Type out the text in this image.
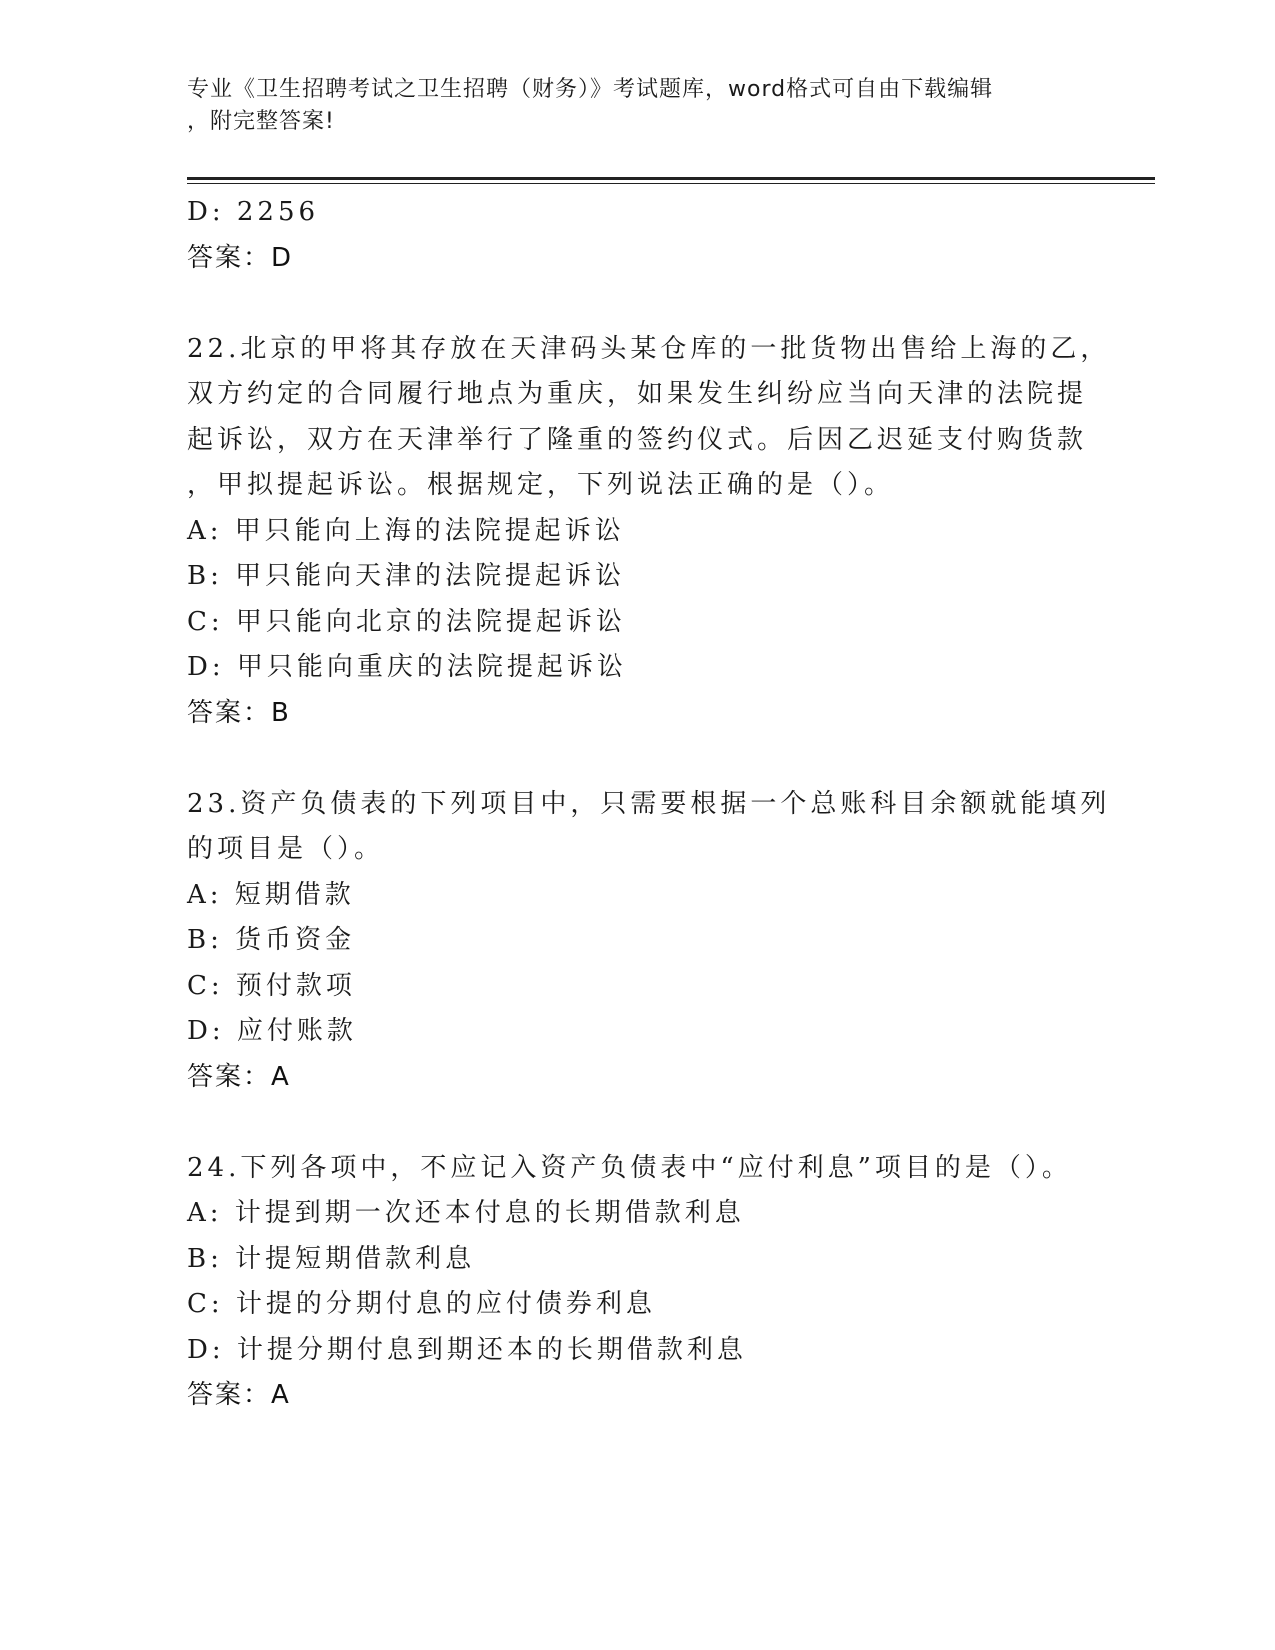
专业《卫生招聘考试之卫生招聘（财务）》考试题库，word格式可自由下载编辑
，附完整答案!
D: 2256
答案：D
22.北京的甲将其存放在天津码头某仓库的一批货物出售给上海的乙，
双方约定的合同履行地点为重庆，如果发生纠纷应当向天津的法院提
起诉讼，双方在天津举行了隆重的签约仪式。后因乙迟延支付购货款
，甲拟提起诉讼。根据规定，下列说法正确的是（）。
A: 甲只能向上海的法院提起诉讼
B: 甲只能向天津的法院提起诉讼
C: 甲只能向北京的法院提起诉讼
D: 甲只能向重庆的法院提起诉讼
答案：B
23.资产负债表的下列项目中，只需要根据一个总账科目余额就能填列
的项目是（）。
A: 短期借款
B: 货币资金
C: 预付款项
D: 应付账款
答案：A
24.下列各项中，不应记入资产负债表中“应付利息”项目的是（）。
A: 计提到期一次还本付息的长期借款利息
B: 计提短期借款利息
C: 计提的分期付息的应付债券利息
D: 计提分期付息到期还本的长期借款利息
答案：A
